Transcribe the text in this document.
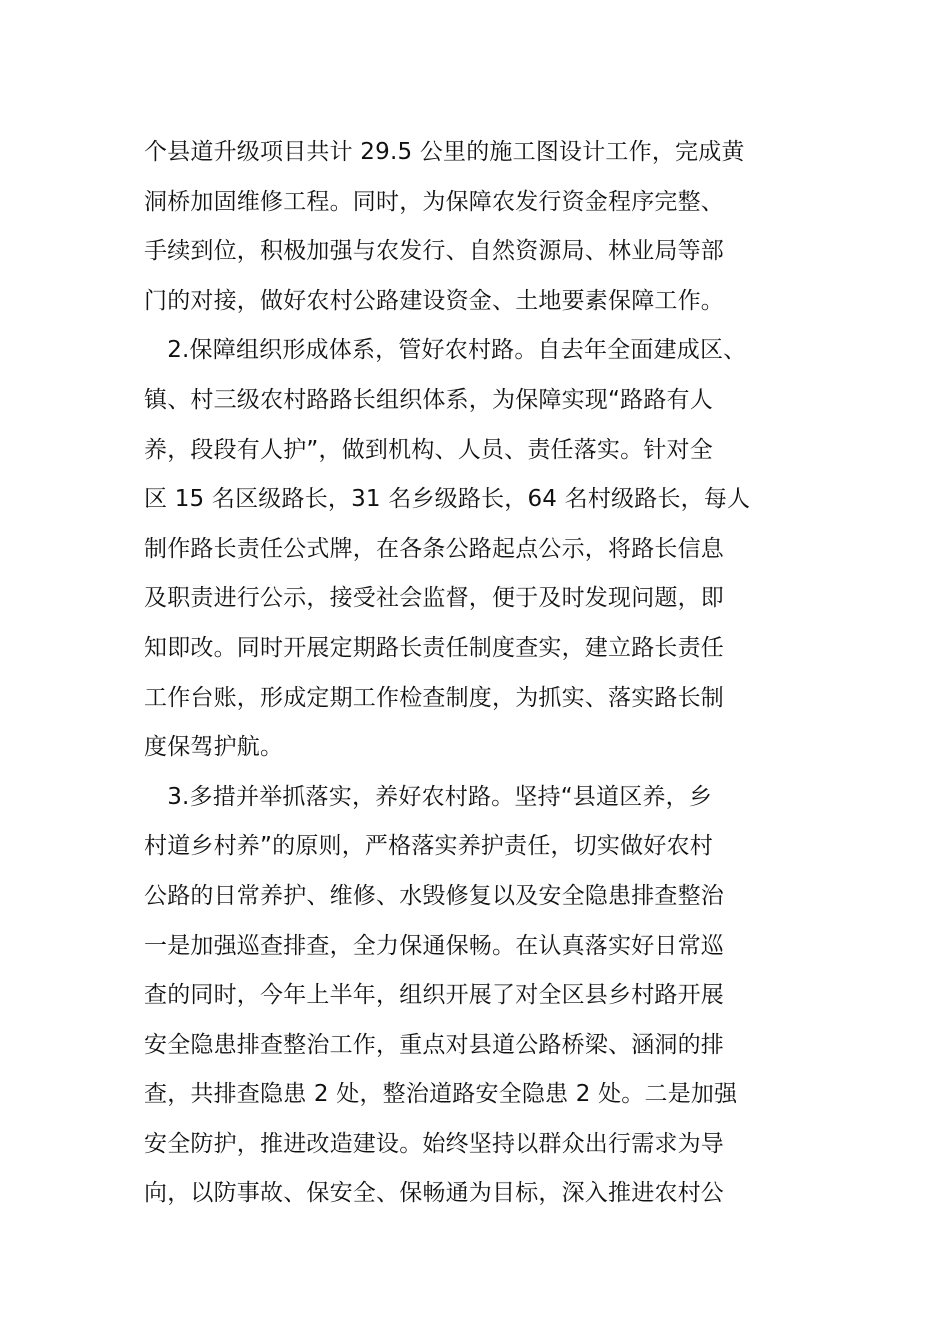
个县道升级项目共计 29.5 公里的施工图设计工作，完成黄
洞桥加固维修工程。同时，为保障农发行资金程序完整、
手续到位，积极加强与农发行、自然资源局、林业局等部
门的对接，做好农村公路建设资金、土地要素保障工作。
　2.保障组织形成体系，管好农村路。自去年全面建成区、
镇、村三级农村路路长组织体系，为保障实现“路路有人
养，段段有人护”，做到机构、人员、责任落实。针对全
区 15 名区级路长，31 名乡级路长，64 名村级路长，每人
制作路长责任公式牌，在各条公路起点公示，将路长信息
及职责进行公示，接受社会监督，便于及时发现问题，即
知即改。同时开展定期路长责任制度查实，建立路长责任
工作台账，形成定期工作检查制度，为抓实、落实路长制
度保驾护航。
　3.多措并举抓落实，养好农村路。坚持“县道区养，乡
村道乡村养”的原则，严格落实养护责任，切实做好农村
公路的日常养护、维修、水毁修复以及安全隐患排查整治
一是加强巡查排查，全力保通保畅。在认真落实好日常巡
查的同时，今年上半年，组织开展了对全区县乡村路开展
安全隐患排查整治工作，重点对县道公路桥梁、涵洞的排
查，共排查隐患 2 处，整治道路安全隐患 2 处。二是加强
安全防护，推进改造建设。始终坚持以群众出行需求为导
向，以防事故、保安全、保畅通为目标，深入推进农村公
